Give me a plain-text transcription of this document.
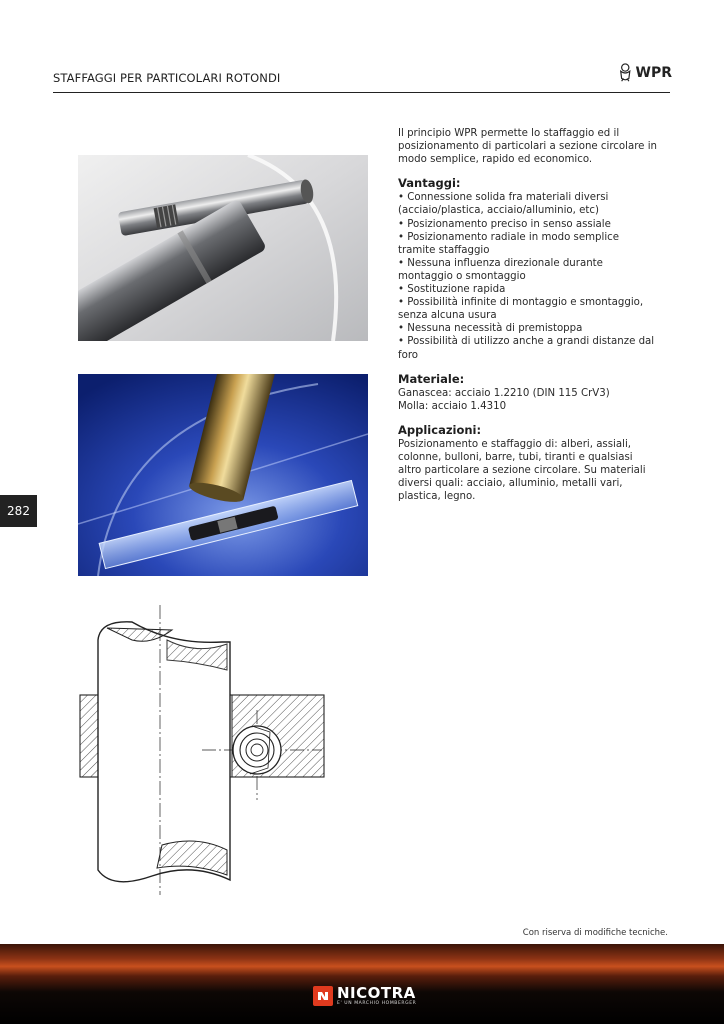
STAFFAGGI PER PARTICOLARI ROTONDI	WPR
282

Il principio WPR permette lo staffaggio ed il posizionamento di particolari a sezione circolare in modo semplice, rapido ed economico.

Vantaggi:
• Connessione solida fra materiali diversi (acciaio/plastica, acciaio/alluminio, etc)
• Posizionamento preciso in senso assiale
• Posizionamento radiale in modo semplice tramite staffaggio
• Nessuna influenza direzionale durante montaggio o smontaggio
• Sostituzione rapida
• Possibilità infinite di montaggio e smontaggio, senza alcuna usura
• Nessuna necessità di premistoppa
• Possibilità di utilizzo anche a grandi distanze dal foro
Materiale:

Ganascea: acciaio 1.2210 (DIN 115 CrV3)

Molla: acciaio 1.4310

Applicazioni:

Posizionamento e staffaggio di: alberi, assiali, colonne, bulloni, barre, tubi, tiranti e qualsiasi altro particolare a sezione circolare. Su materiali diversi quali: acciaio, alluminio, metalli vari, plastica, legno.

Con riserva di modifiche tecniche.
NICOTRA
E' UN MARCHIO HOMBERGER
